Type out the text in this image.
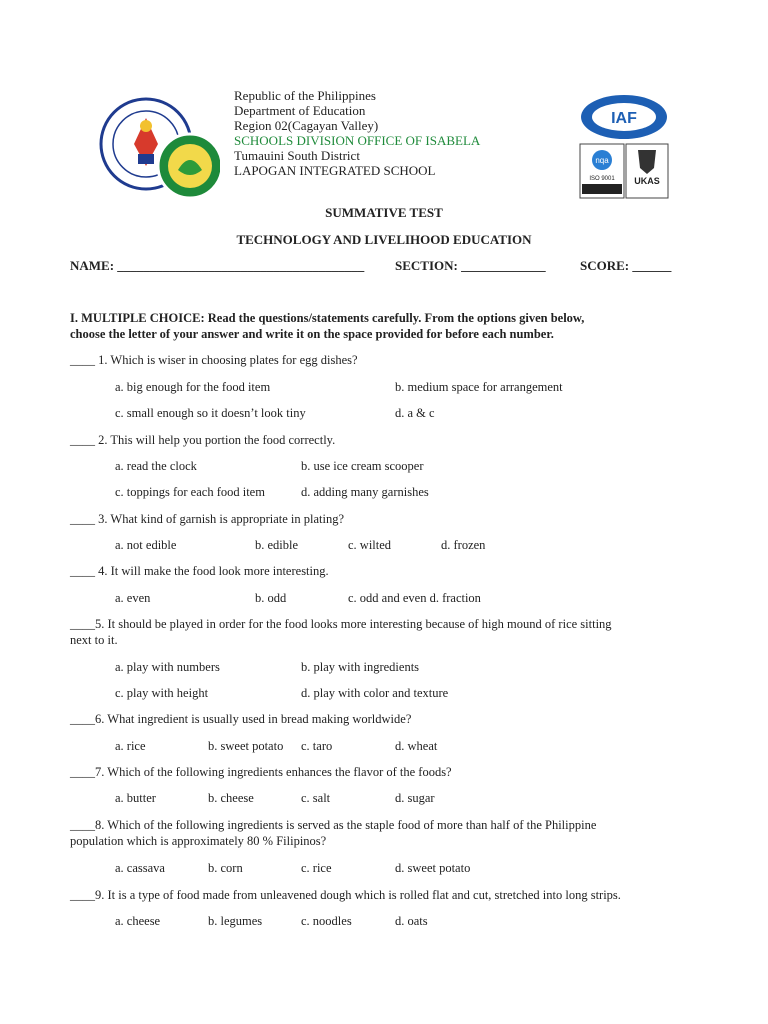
IAF
nqa
ISO 9001 UKAS
Republic of the Philippines
Department of Education
Region 02(Cagayan Valley)
SCHOOLS DIVISION OFFICE OF ISABELA
Tumauini South District
LAPOGAN INTEGRATED SCHOOL
SUMMATIVE TEST
TECHNOLOGY AND LIVELIHOOD EDUCATION
NAME: ______________________________________ SECTION: _____________	SCORE: ______
I. MULTIPLE CHOICE: Read the questions/statements carefully. From the options given below,
choose the letter of your answer and write it on the space provided for before each number.
____ 1. Which is wiser in choosing plates for egg dishes?
a. big enough for the food item	b. medium space for arrangement
c. small enough so it doesn’t look tiny	d. a & c
____ 2. This will help you portion the food correctly.
a. read the clock	b. use ice cream scooper
c. toppings for each food item	d. adding many garnishes
____ 3. What kind of garnish is appropriate in plating?
a. not edible	b. edible	c. wilted	d. frozen
____ 4. It will make the food look more interesting.
a. even	b. odd	c. odd and even d. fraction
____5. It should be played in order for the food looks more interesting because of high mound of rice sitting
next to it.
a. play with numbers	b. play with ingredients
c. play with height	d. play with color and texture
____6. What ingredient is usually used in bread making worldwide?
a. rice	b. sweet potato c. taro	d. wheat
____7. Which of the following ingredients enhances the flavor of the foods?
a. butter	b. cheese	c. salt	d. sugar
____8. Which of the following ingredients is served as the staple food of more than half of the Philippine
population which is approximately 80 % Filipinos?
a. cassava	b. corn	c. rice	d. sweet potato
____9. It is a type of food made from unleavened dough which is rolled flat and cut, stretched into long strips.
a. cheese	b. legumes	c. noodles	d. oats
